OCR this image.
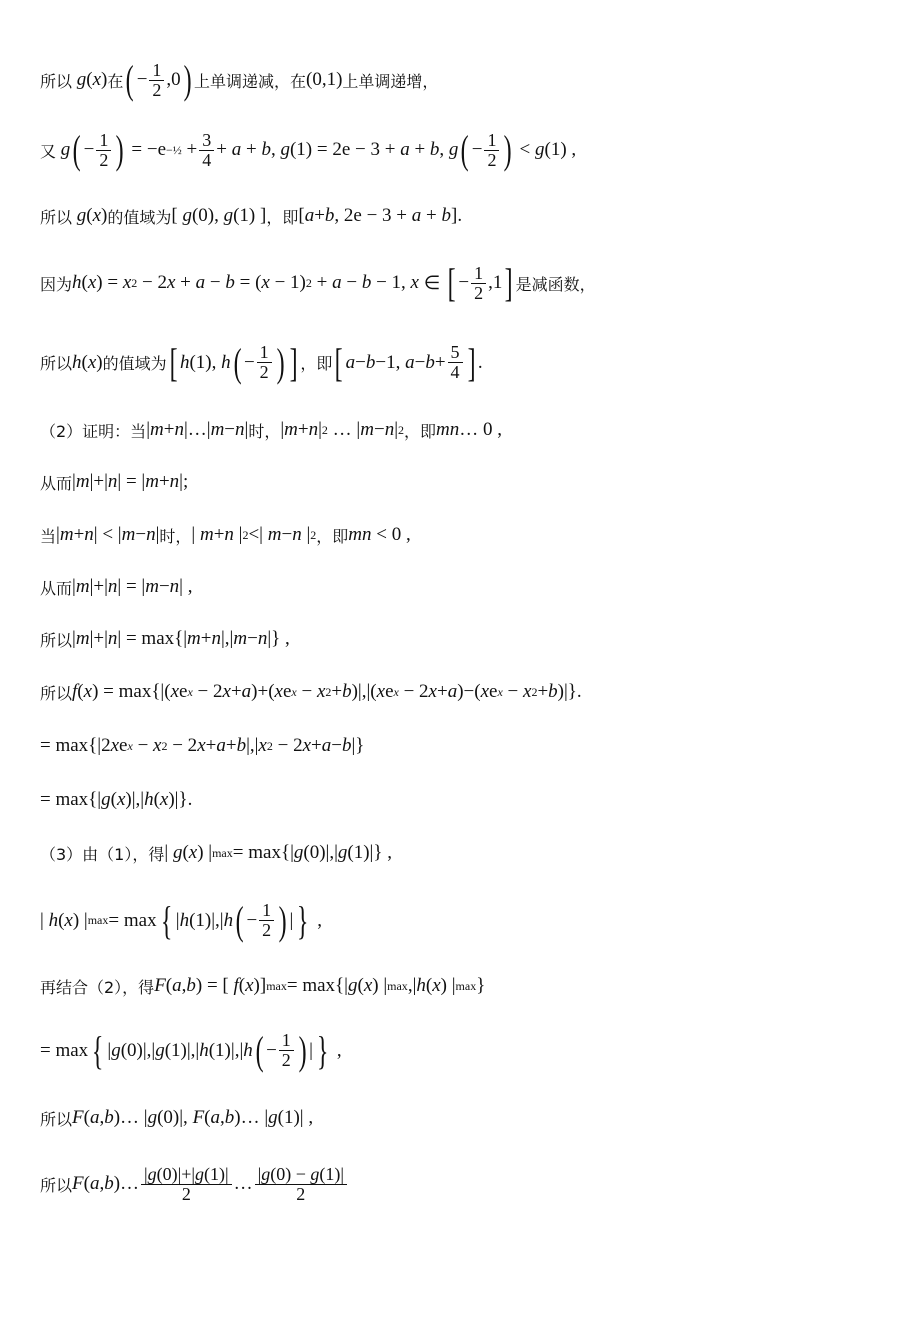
所以 g ( x ) 在 ( − $\frac{1}{2} ,0$ ) 上单调递减，在 (0,1) 上单调递增，
又 g ( − $\frac{1}{2}$ ) = −e −½ + $\frac{3}{4} + a + b$ , g (1) = 2e − 3 + a + b , g ( − $\frac{1}{2}$ ) < g (1) ,
所以 g ( x ) 的值域为 [ g (0), g (1) ] ，即 [ a + b , 2e − 3 + a + b ].
因为 h ( x ) = x 2 − 2 x + a − b = ( x − 1) 2 + a − b − 1, x ∈ [ − $\frac{1}{2} ,1$ ] 是减函数，
所以 h ( x ) 的值域为 [ h (1), h ( − $\frac{1}{2}$ ) ] ，即 [ a − b −1, $a - b + \frac{5}{4}$ ] .
（2）证明：当 | m + n |…| m − n | 时， | m + n | 2 … | m − n | 2 ，即 mn … 0 ,
从而 | m |+| n | = | m + n |;
当 | m + n | < | m − n | 时， | m + n | 2 <| m − n | 2 ，即 mn < 0 ,
从而 | m |+| n | = | m − n | ,
所以 | m |+| n | = max{| m + n |,| m − n |} ,
所以 f ( x ) = max{|( x e x − 2 x + a )+( x e x − x 2 + b )|,|( x e x − 2 x + a )−( x e x − x 2 + b )|}.
= max{|2 x e x − x 2 − 2 x + a + b |,| x 2 − 2 x + a − b |}
= max{| g ( x )|,| h ( x )|}.
（3）由（1），得 | g ( x ) | max = max{| g (0)|,| g (1)|} ,
| h ( x ) | max = max { | h (1)|,| h ( − $\frac{1}{2}$ ) | } ,
再结合（2），得 F ( a , b ) = [ f ( x )] max = max{| g ( x ) | max ,| h ( x ) | max }
= max { | g (0)|,| g (1)|,| h (1)|,| h ( − $\frac{1}{2}$ ) | } ,
所以 F ( a , b )… | g (0)|, F ( a , b )… | g (1)| ,
所以 F ( a , b )… $\frac{|g(0)|+|g(1)|}{2}$ … $\frac{|g(0) - g(1)|}{2}$
